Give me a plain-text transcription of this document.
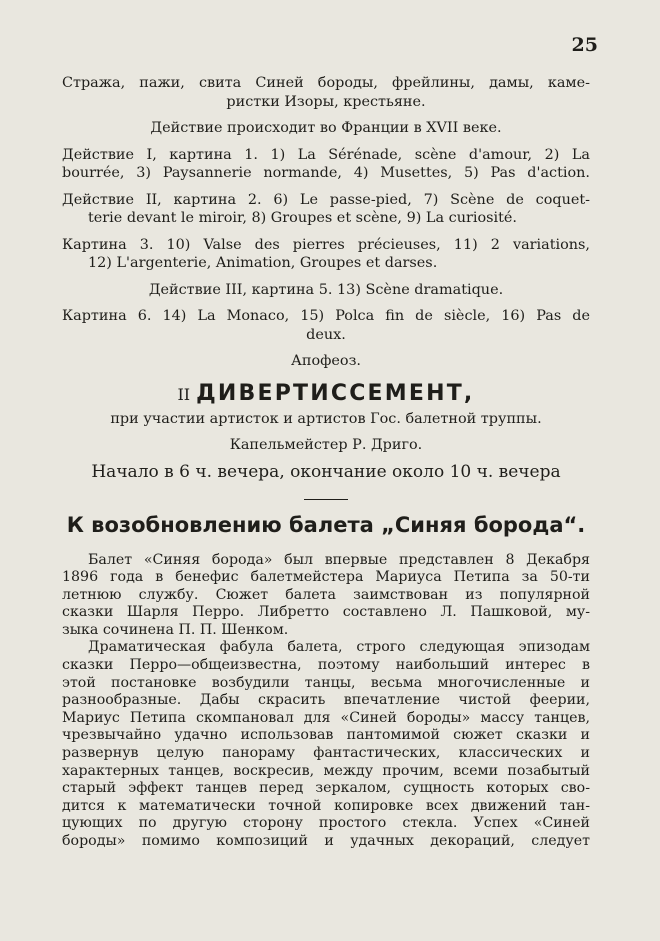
25

Стража, пажи, свита Синей бороды, фрейлины, дамы, каме-

ристки Изоры, крестьяне.

Действие происходит во Франции в XVII веке.

Действие I, картина 1. 1) La Sérénade, scène d'amour, 2) La

bourrée, 3) Paysannerie normande, 4) Musettes, 5) Pas d'action.

Действие II, картина 2. 6) Le passe-pied, 7) Scène de coquet-

terie devant le miroir, 8) Groupes et scène, 9) La curiosité.

Картина 3. 10) Valse des pierres précieuses, 11) 2 variations,

12) L'argenterie, Animation, Groupes et darses.

Действие III, картина 5. 13) Scène dramatique.

Картина 6. 14) La Monaco, 15) Polca fin de siècle, 16) Pas de

deux.

Апофеоз.

II ДИВЕРТИССЕМЕНТ,

при участии артисток и артистов Гос. балетной труппы.

Капельмейстер Р. Дриго.

Начало в 6 ч. вечера, окончание около 10 ч. вечера

К возобновлению балета „Синяя борода“.

Балет «Синяя борода» был впервые представлен 8 Декабря

1896 года в бенефис балетмейстера Мариуса Петипа за 50-ти

летнюю службу. Сюжет балета заимствован из популярной

сказки Шарля Перро. Либретто составлено Л. Пашковой, му-

зыка сочинена П. П. Шенком.

Драматическая фабула балета, строго следующая эпизодам

сказки Перро—общеизвестна, поэтому наибольший интерес в

этой постановке возбудили танцы, весьма многочисленные и

разнообразные. Дабы скрасить впечатление чистой феерии,

Мариус Петипа скомпановал для «Синей бороды» массу танцев,

чрезвычайно удачно использовав пантомимой сюжет сказки и

развернув целую панораму фантастических, классических и

характерных танцев, воскресив, между прочим, всеми позабытый

старый эффект танцев перед зеркалом, сущность которых сво-

дится к математически точной копировке всех движений тан-

цующих по другую сторону простого стекла. Успех «Синей

бороды» помимо композиций и удачных декораций, следует
